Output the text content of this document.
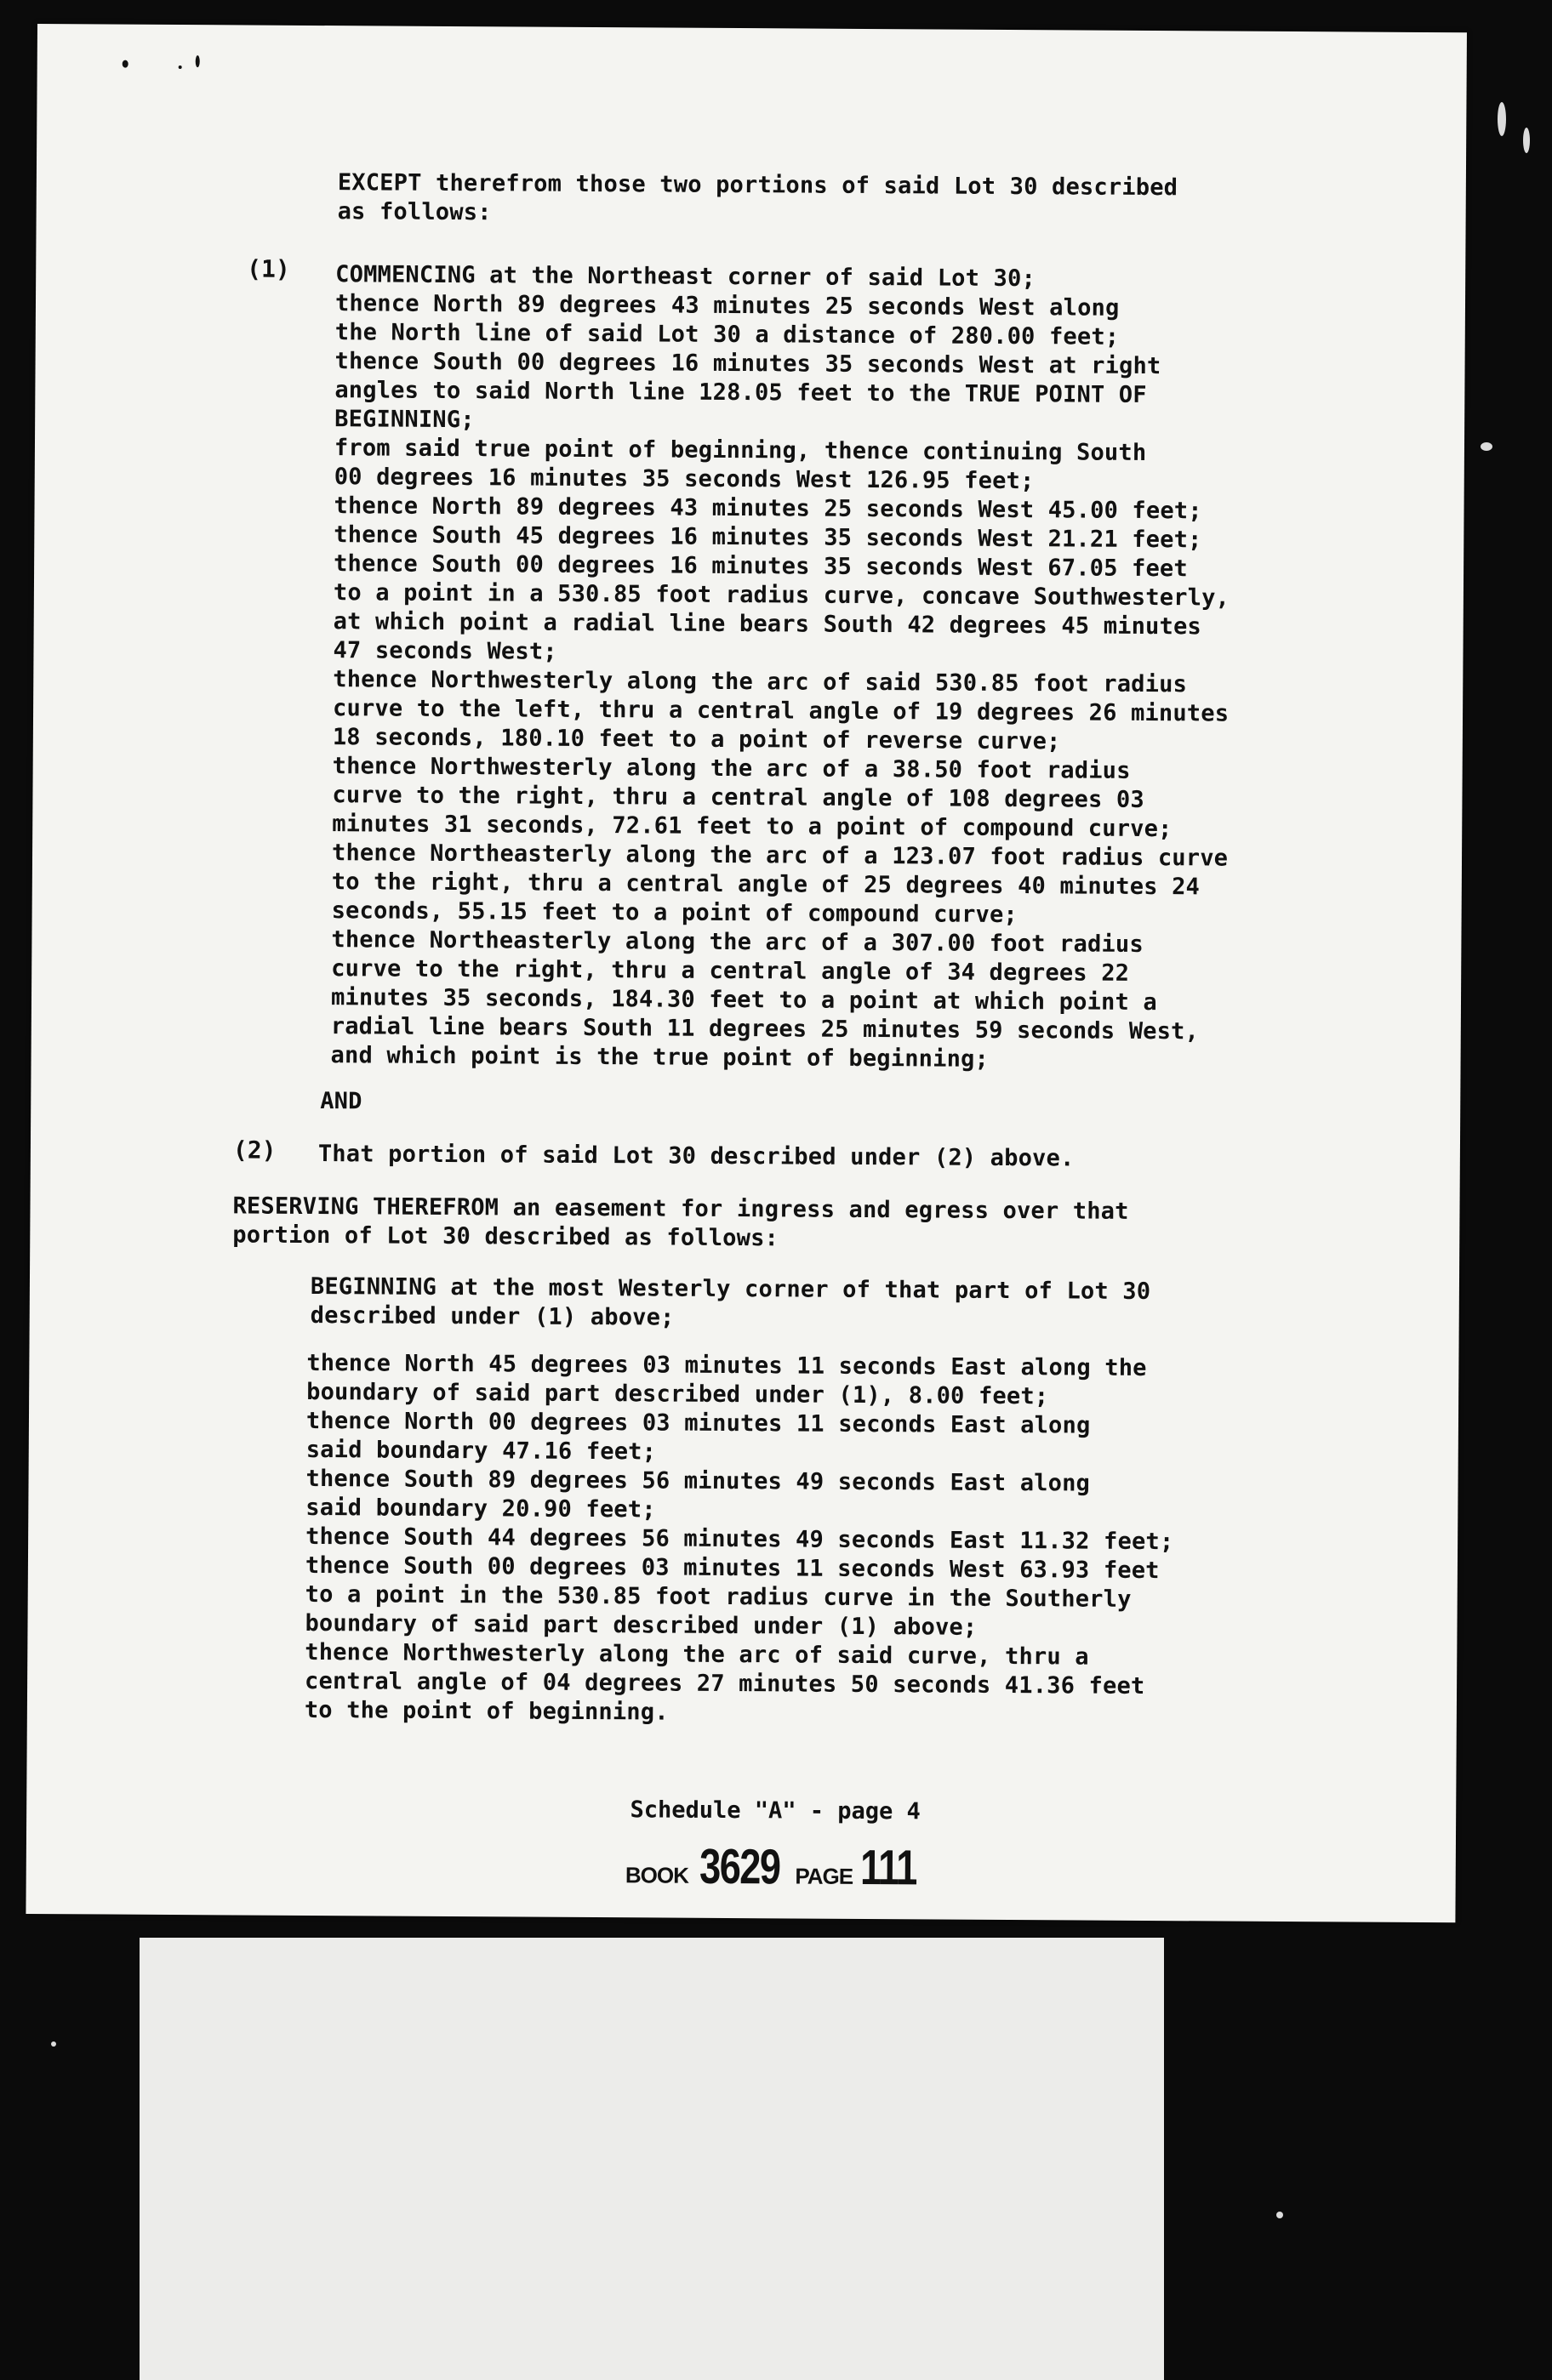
EXCEPT therefrom those two portions of said Lot 30 described
as follows:
(1) COMMENCING at the Northeast corner of said Lot 30;
thence North 89 degrees 43 minutes 25 seconds West along
the North line of said Lot 30 a distance of 280.00 feet;
thence South 00 degrees 16 minutes 35 seconds West at right
angles to said North line 128.05 feet to the TRUE POINT OF
BEGINNING;
from said true point of beginning, thence continuing South
00 degrees 16 minutes 35 seconds West 126.95 feet;
thence North 89 degrees 43 minutes 25 seconds West 45.00 feet;
thence South 45 degrees 16 minutes 35 seconds West 21.21 feet;
thence South 00 degrees 16 minutes 35 seconds West 67.05 feet
to a point in a 530.85 foot radius curve, concave Southwesterly,
at which point a radial line bears South 42 degrees 45 minutes
47 seconds West;
thence Northwesterly along the arc of said 530.85 foot radius
curve to the left, thru a central angle of 19 degrees 26 minutes
18 seconds, 180.10 feet to a point of reverse curve;
thence Northwesterly along the arc of a 38.50 foot radius
curve to the right, thru a central angle of 108 degrees 03
minutes 31 seconds, 72.61 feet to a point of compound curve;
thence Northeasterly along the arc of a 123.07 foot radius curve
to the right, thru a central angle of 25 degrees 40 minutes 24
seconds, 55.15 feet to a point of compound curve;
thence Northeasterly along the arc of a 307.00 foot radius
curve to the right, thru a central angle of 34 degrees 22
minutes 35 seconds, 184.30 feet to a point at which point a
radial line bears South 11 degrees 25 minutes 59 seconds West,
and which point is the true point of beginning;
AND
(2) That portion of said Lot 30 described under (2) above.
RESERVING THEREFROM an easement for ingress and egress over that
portion of Lot 30 described as follows:
BEGINNING at the most Westerly corner of that part of Lot 30
described under (1) above;
thence North 45 degrees 03 minutes 11 seconds East along the
boundary of said part described under (1), 8.00 feet;
thence North 00 degrees 03 minutes 11 seconds East along
said boundary 47.16 feet;
thence South 89 degrees 56 minutes 49 seconds East along
said boundary 20.90 feet;
thence South 44 degrees 56 minutes 49 seconds East 11.32 feet;
thence South 00 degrees 03 minutes 11 seconds West 63.93 feet
to a point in the 530.85 foot radius curve in the Southerly
boundary of said part described under (1) above;
thence Northwesterly along the arc of said curve, thru a
central angle of 04 degrees 27 minutes 50 seconds 41.36 feet
to the point of beginning.
Schedule "A" - page 4
BOOK 3629 PAGE 111
